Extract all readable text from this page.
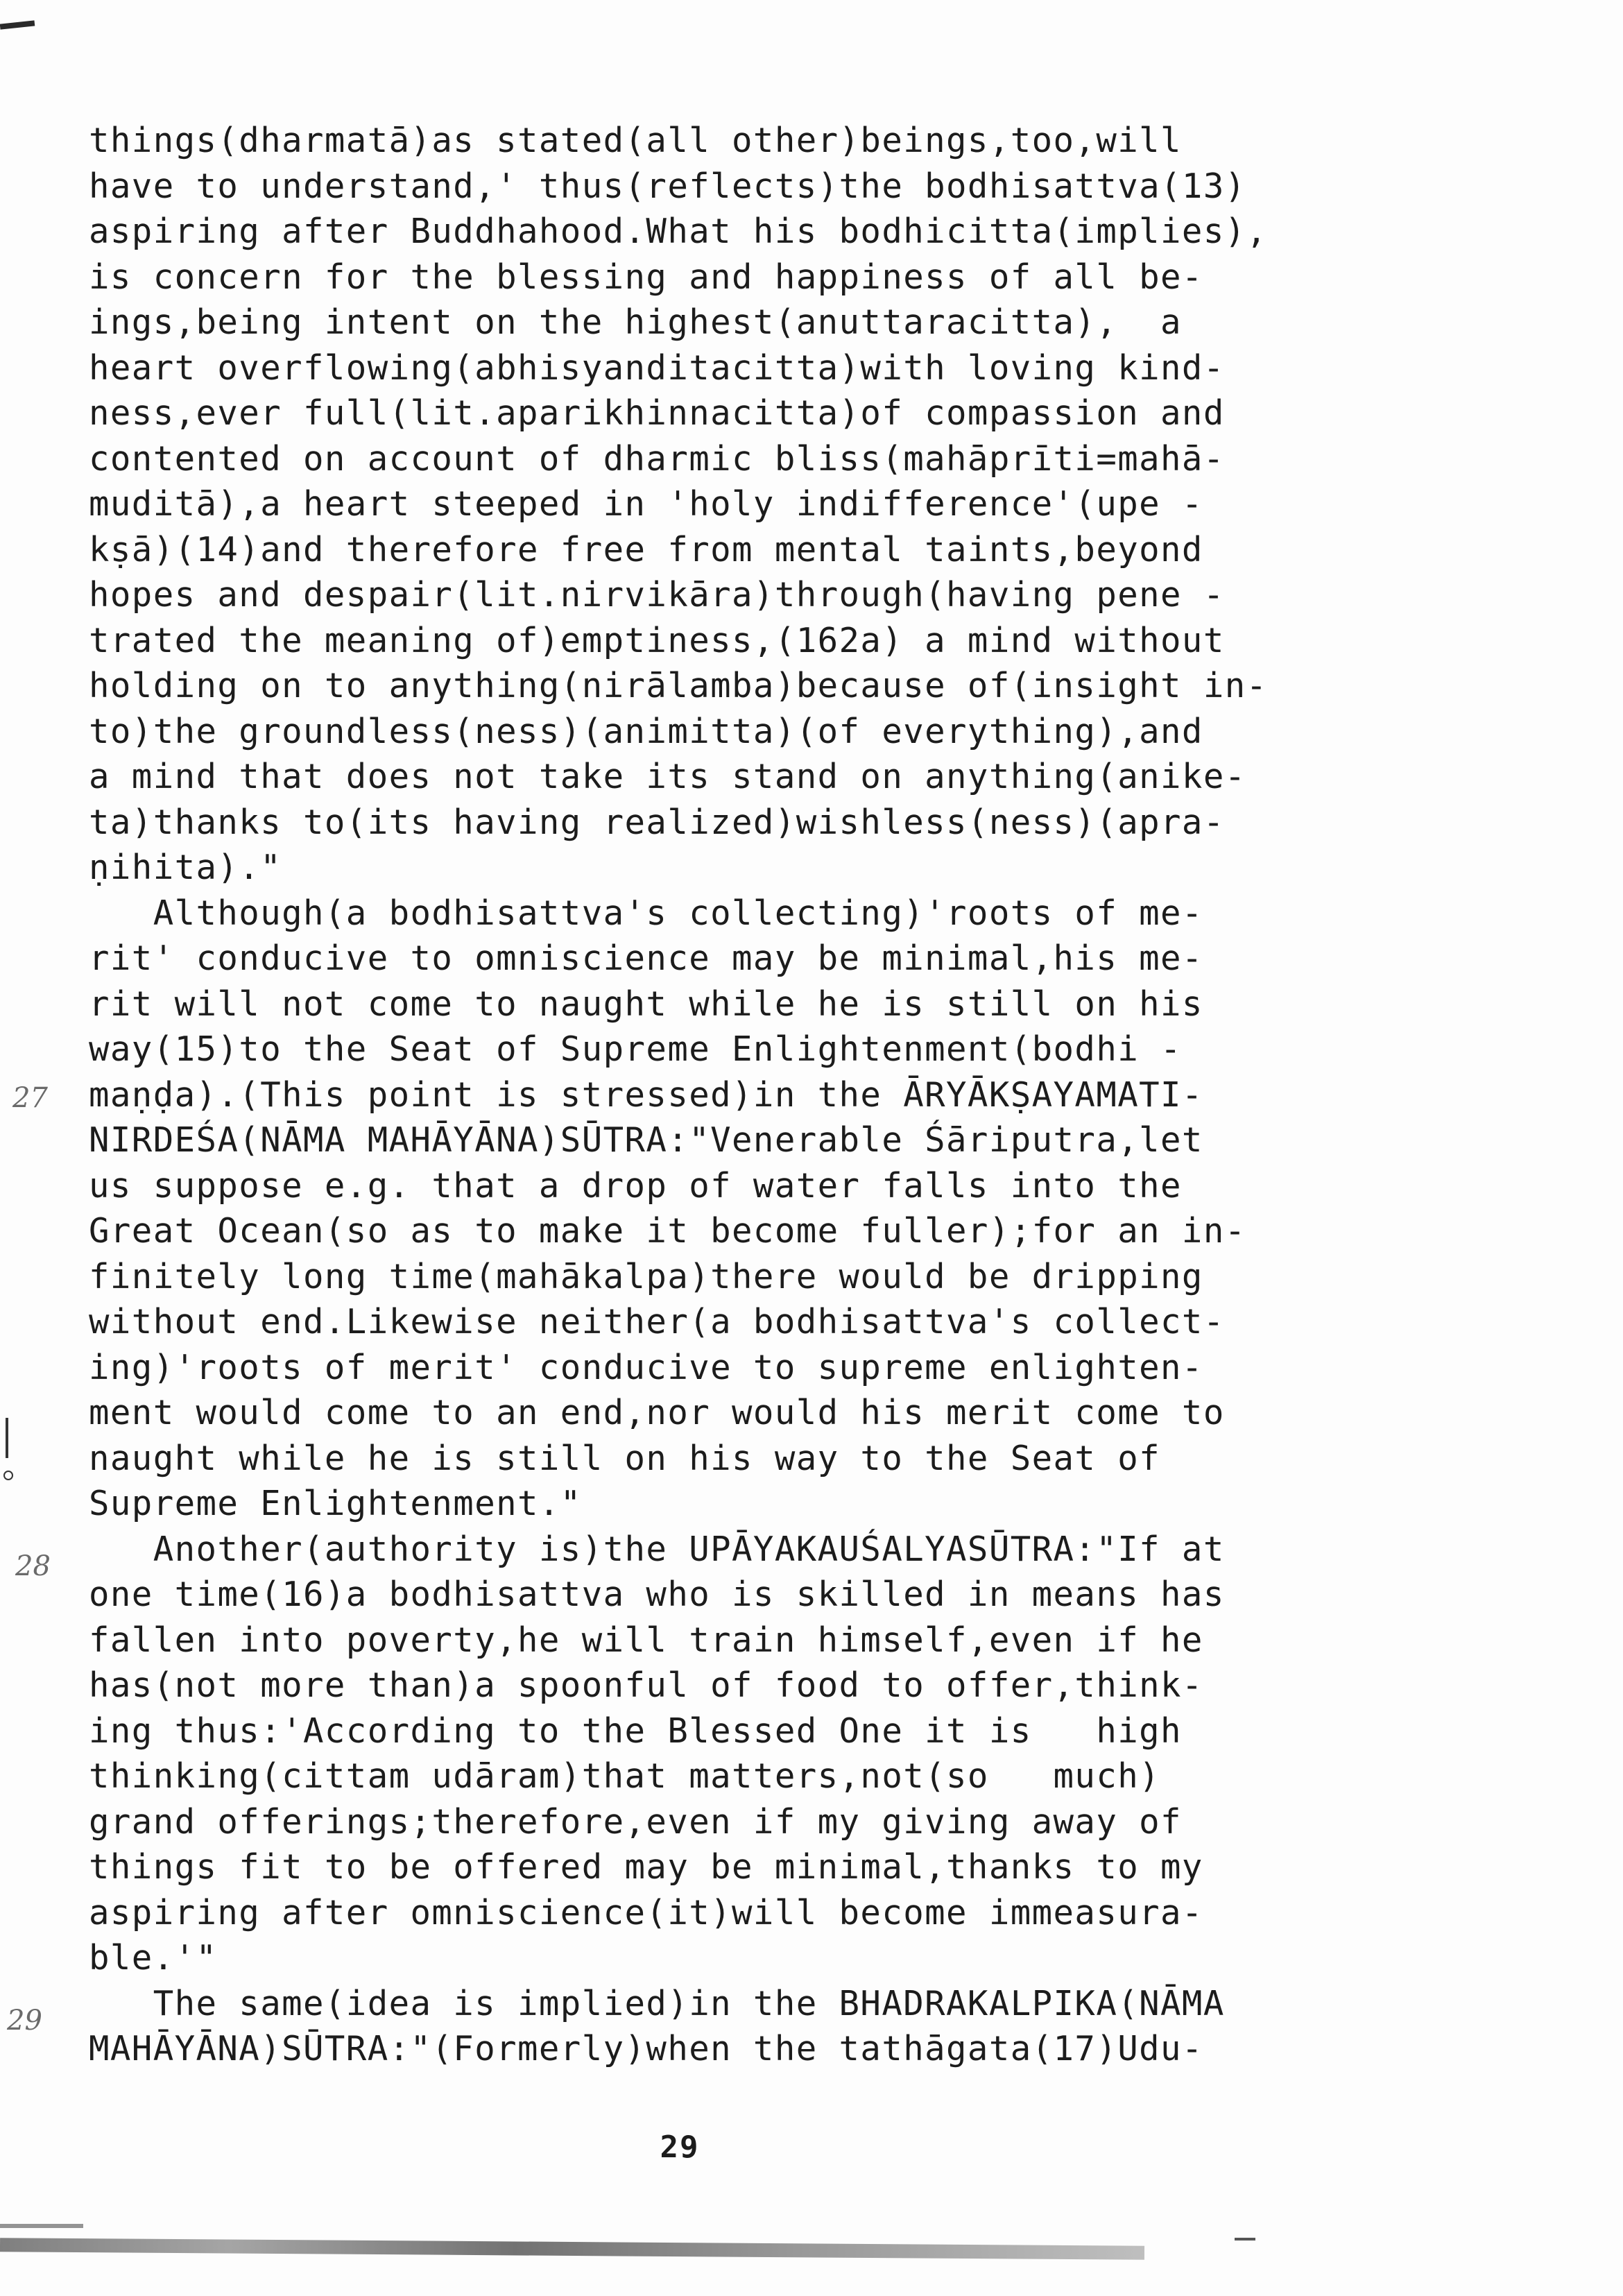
things(dharmatā)as stated(all other)beings,too,will
have to understand,' thus(reflects)the bodhisattva(13)
aspiring after Buddhahood.What his bodhicitta(implies),
is concern for the blessing and happiness of all be-
ings,being intent on the highest(anuttaracitta),  a
heart overflowing(abhisyanditacitta)with loving kind-
ness,ever full(lit.aparikhinnacitta)of compassion and
contented on account of dharmic bliss(mahāprīti=mahā-
muditā),a heart steeped in 'holy indifference'(upe -
kṣā)(14)and therefore free from mental taints,beyond
hopes and despair(lit.nirvikāra)through(having pene -
trated the meaning of)emptiness,(162a) a mind without
holding on to anything(nirālamba)because of(insight in-
to)the groundless(ness)(animitta)(of everything),and
a mind that does not take its stand on anything(anike-
ta)thanks to(its having realized)wishless(ness)(apra-
ṇihita)."
Although(a bodhisattva's collecting)'roots of me-
rit' conducive to omniscience may be minimal,his me-
rit will not come to naught while he is still on his
way(15)to the Seat of Supreme Enlightenment(bodhi -
maṇḍa).(This point is stressed)in the ĀRYĀKṢAYAMATI-
NIRDEŚA(NĀMA MAHĀYĀNA)SŪTRA:"Venerable Śāriputra,let
us suppose e.g. that a drop of water falls into the
Great Ocean(so as to make it become fuller);for an in-
finitely long time(mahākalpa)there would be dripping
without end.Likewise neither(a bodhisattva's collect-
ing)'roots of merit' conducive to supreme enlighten-
ment would come to an end,nor would his merit come to
naught while he is still on his way to the Seat of
Supreme Enlightenment."
Another(authority is)the UPĀYAKAUŚALYASŪTRA:"If at
one time(16)a bodhisattva who is skilled in means has
fallen into poverty,he will train himself,even if he
has(not more than)a spoonful of food to offer,think-
ing thus:'According to the Blessed One it is   high
thinking(cittam udāram)that matters,not(so   much)
grand offerings;therefore,even if my giving away of
things fit to be offered may be minimal,thanks to my
aspiring after omniscience(it)will become immeasura-
ble.'"
The same(idea is implied)in the BHADRAKALPIKA(NĀMA
MAHĀYĀNA)SŪTRA:"(Formerly)when the tathāgata(17)Udu-
27
28
29
29
